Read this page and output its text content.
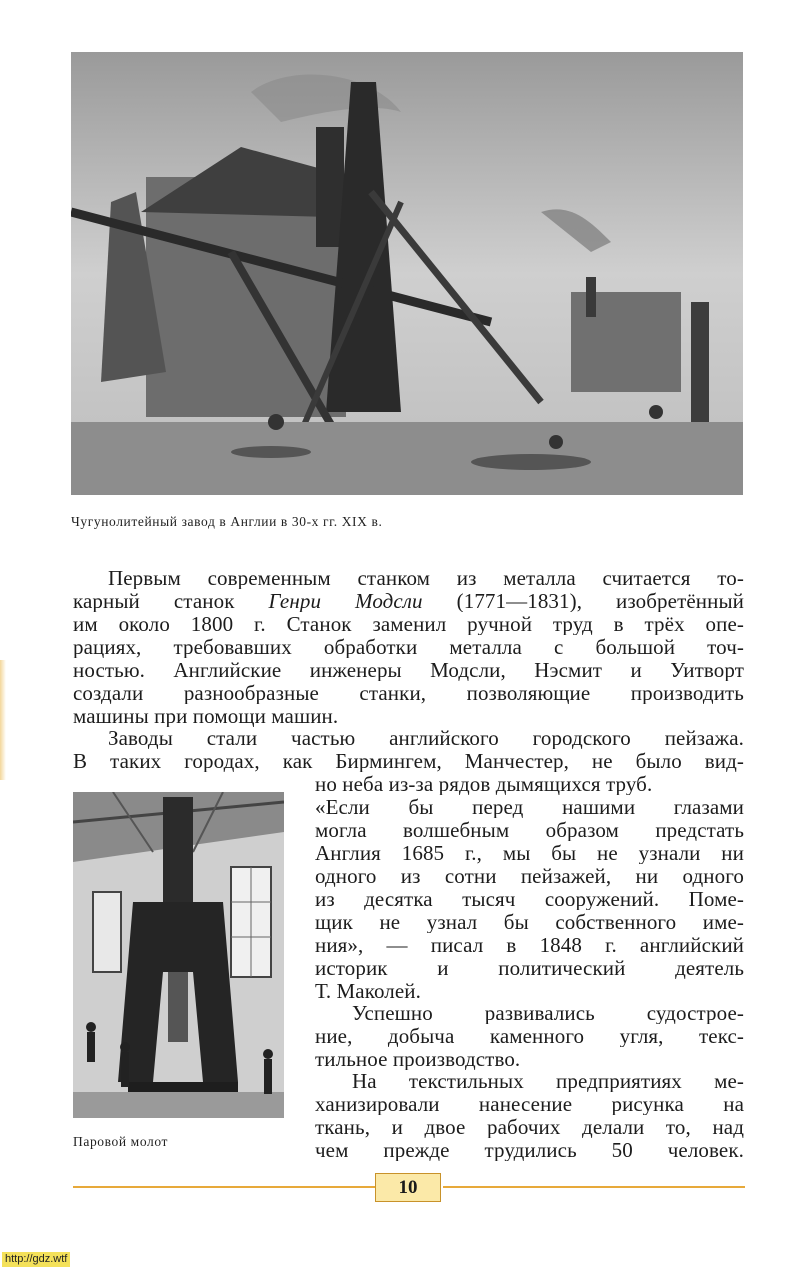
Чугунолитейный завод в Англии в 30-х гг. XIX в.
Первым современным станком из металла считается то-
карный станок Генри Модсли (1771—1831), изобретённый
им около 1800 г. Станок заменил ручной труд в трёх опе-
рациях, требовавших обработки металла с большой точ-
ностью. Английские инженеры Модсли, Нэсмит и Уитворт
создали разнообразные станки, позволяющие производить
машины при помощи машин.
Заводы стали частью английского городского пейзажа.
В таких городах, как Бирмингем, Манчестер, не было вид-
но неба из-за рядов дымящихся труб.
«Если бы перед нашими глазами
могла волшебным образом предстать
Англия 1685 г., мы бы не узнали ни
одного из сотни пейзажей, ни одного
из десятка тысяч сооружений. Поме-
щик не узнал бы собственного име-
ния», — писал в 1848 г. английский
историк и политический деятель
Т. Маколей.
Успешно развивались судострое-
ние, добыча каменного угля, текс-
тильное производство.
На текстильных предприятиях ме-
ханизировали нанесение рисунка на
ткань, и двое рабочих делали то, над
чем прежде трудились 50 человек.
Паровой молот
10
http://gdz.wtf
